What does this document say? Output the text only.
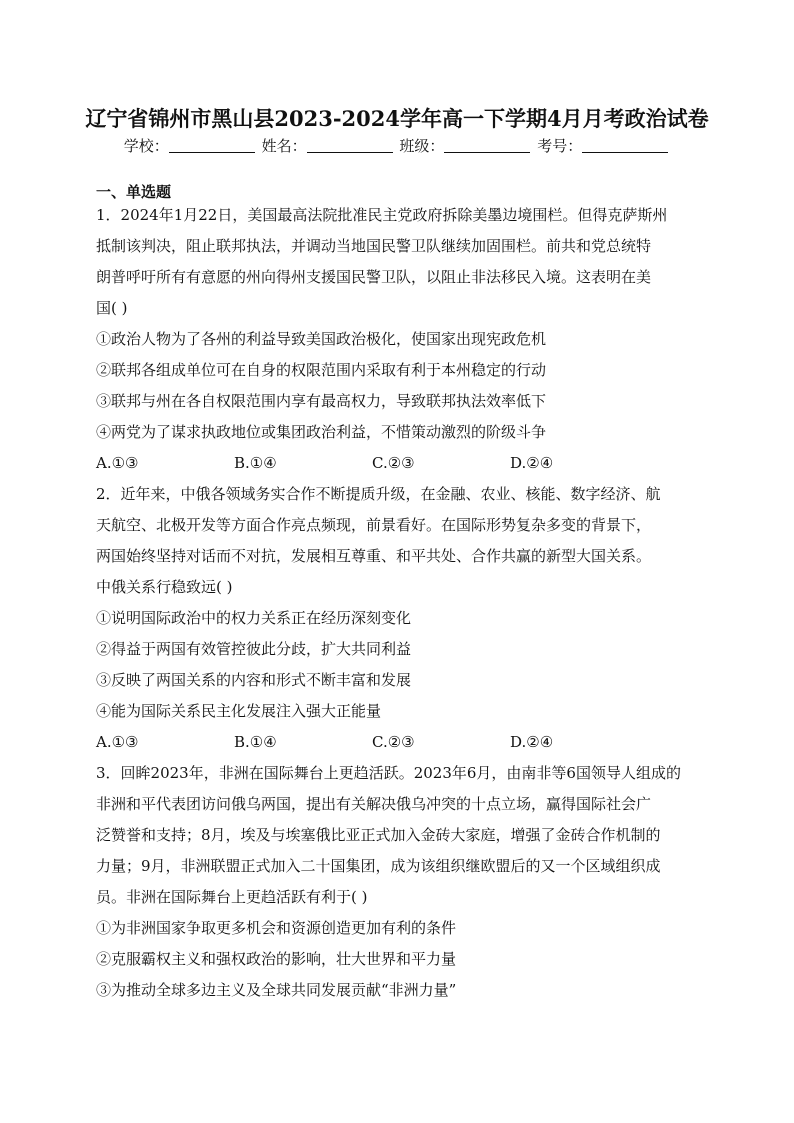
辽宁省锦州市黑山县2023-2024学年高一下学期4月月考政治试卷
学校：	姓名：	班级：	考号：
一、单选题
1．2024年1月22日，美国最高法院批准民主党政府拆除美墨边境围栏。但得克萨斯州
抵制该判决，阻止联邦执法，并调动当地国民警卫队继续加固围栏。前共和党总统特
朗普呼吁所有有意愿的州向得州支援国民警卫队，以阻止非法移民入境。这表明在美
国( )
①政治人物为了各州的利益导致美国政治极化，使国家出现宪政危机
②联邦各组成单位可在自身的权限范围内采取有利于本州稳定的行动
③联邦与州在各自权限范围内享有最高权力，导致联邦执法效率低下
④两党为了谋求执政地位或集团政治利益，不惜策动激烈的阶级斗争
A.①③	B.①④	C.②③	D.②④
2．近年来，中俄各领域务实合作不断提质升级，在金融、农业、核能、数字经济、航
天航空、北极开发等方面合作亮点频现，前景看好。在国际形势复杂多变的背景下，
两国始终坚持对话而不对抗，发展相互尊重、和平共处、合作共赢的新型大国关系。
中俄关系行稳致远( )
①说明国际政治中的权力关系正在经历深刻变化
②得益于两国有效管控彼此分歧，扩大共同利益
③反映了两国关系的内容和形式不断丰富和发展
④能为国际关系民主化发展注入强大正能量
A.①③	B.①④	C.②③	D.②④
3．回眸2023年，非洲在国际舞台上更趋活跃。2023年6月，由南非等6国领导人组成的
非洲和平代表团访问俄乌两国，提出有关解决俄乌冲突的十点立场，赢得国际社会广
泛赞誉和支持；8月，埃及与埃塞俄比亚正式加入金砖大家庭，增强了金砖合作机制的
力量；9月，非洲联盟正式加入二十国集团，成为该组织继欧盟后的又一个区域组织成
员。非洲在国际舞台上更趋活跃有利于( )
①为非洲国家争取更多机会和资源创造更加有利的条件
②克服霸权主义和强权政治的影响，壮大世界和平力量
③为推动全球多边主义及全球共同发展贡献“非洲力量”
